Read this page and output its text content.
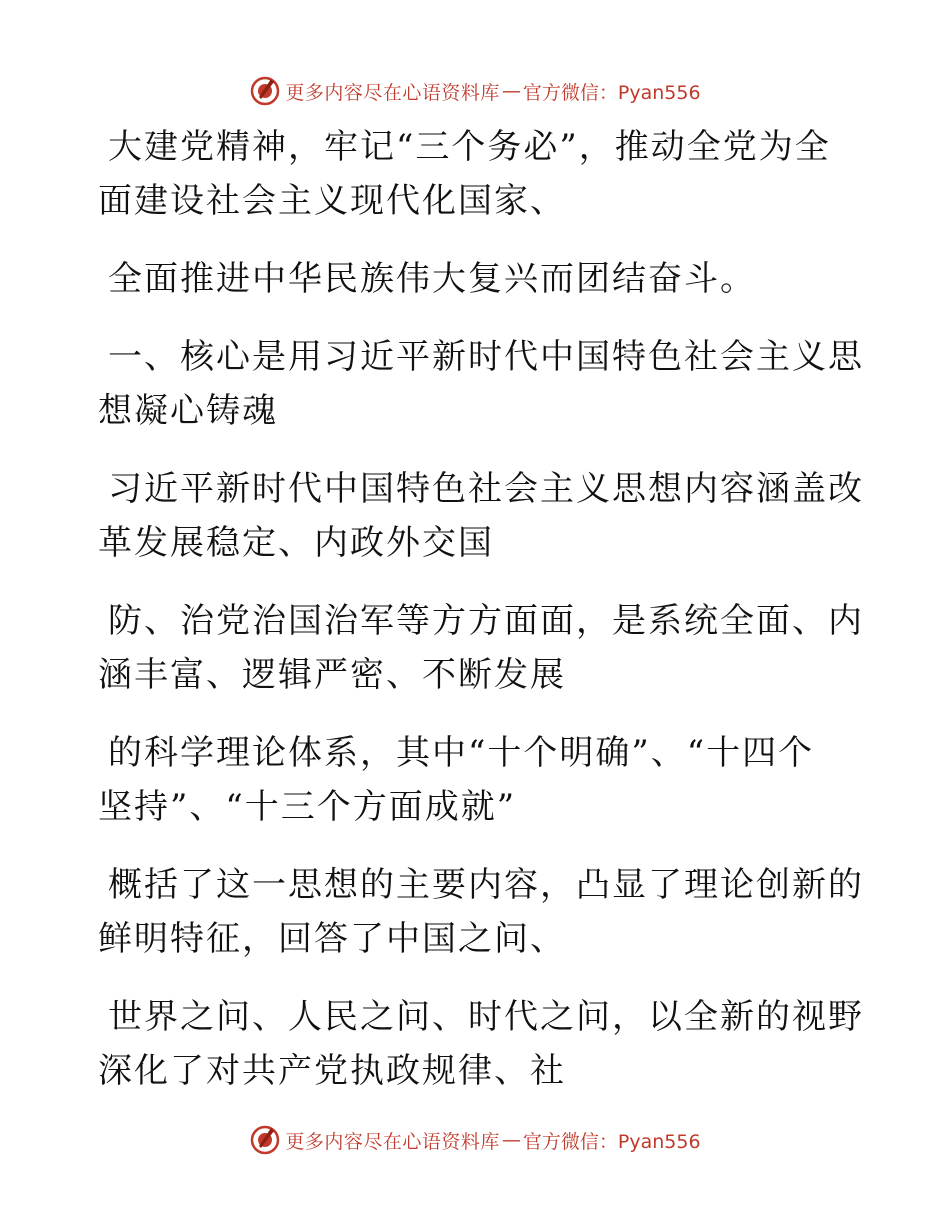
更多内容尽在心语资料库 — 官方微信：Pyan556

大建党精神，牢记“三个务必”，推动全党为全
面建设社会主义现代化国家、

全面推进中华民族伟大复兴而团结奋斗。

一、核心是用习近平新时代中国特色社会主义思
想凝心铸魂

习近平新时代中国特色社会主义思想内容涵盖改
革发展稳定、内政外交国

防、治党治国治军等方方面面，是系统全面、内
涵丰富、逻辑严密、不断发展

的科学理论体系，其中“十个明确”、“十四个
坚持”、“十三个方面成就”

概括了这一思想的主要内容，凸显了理论创新的
鲜明特征，回答了中国之问、

世界之问、人民之问、时代之问，以全新的视野
深化了对共产党执政规律、社

更多内容尽在心语资料库 — 官方微信：Pyan556
